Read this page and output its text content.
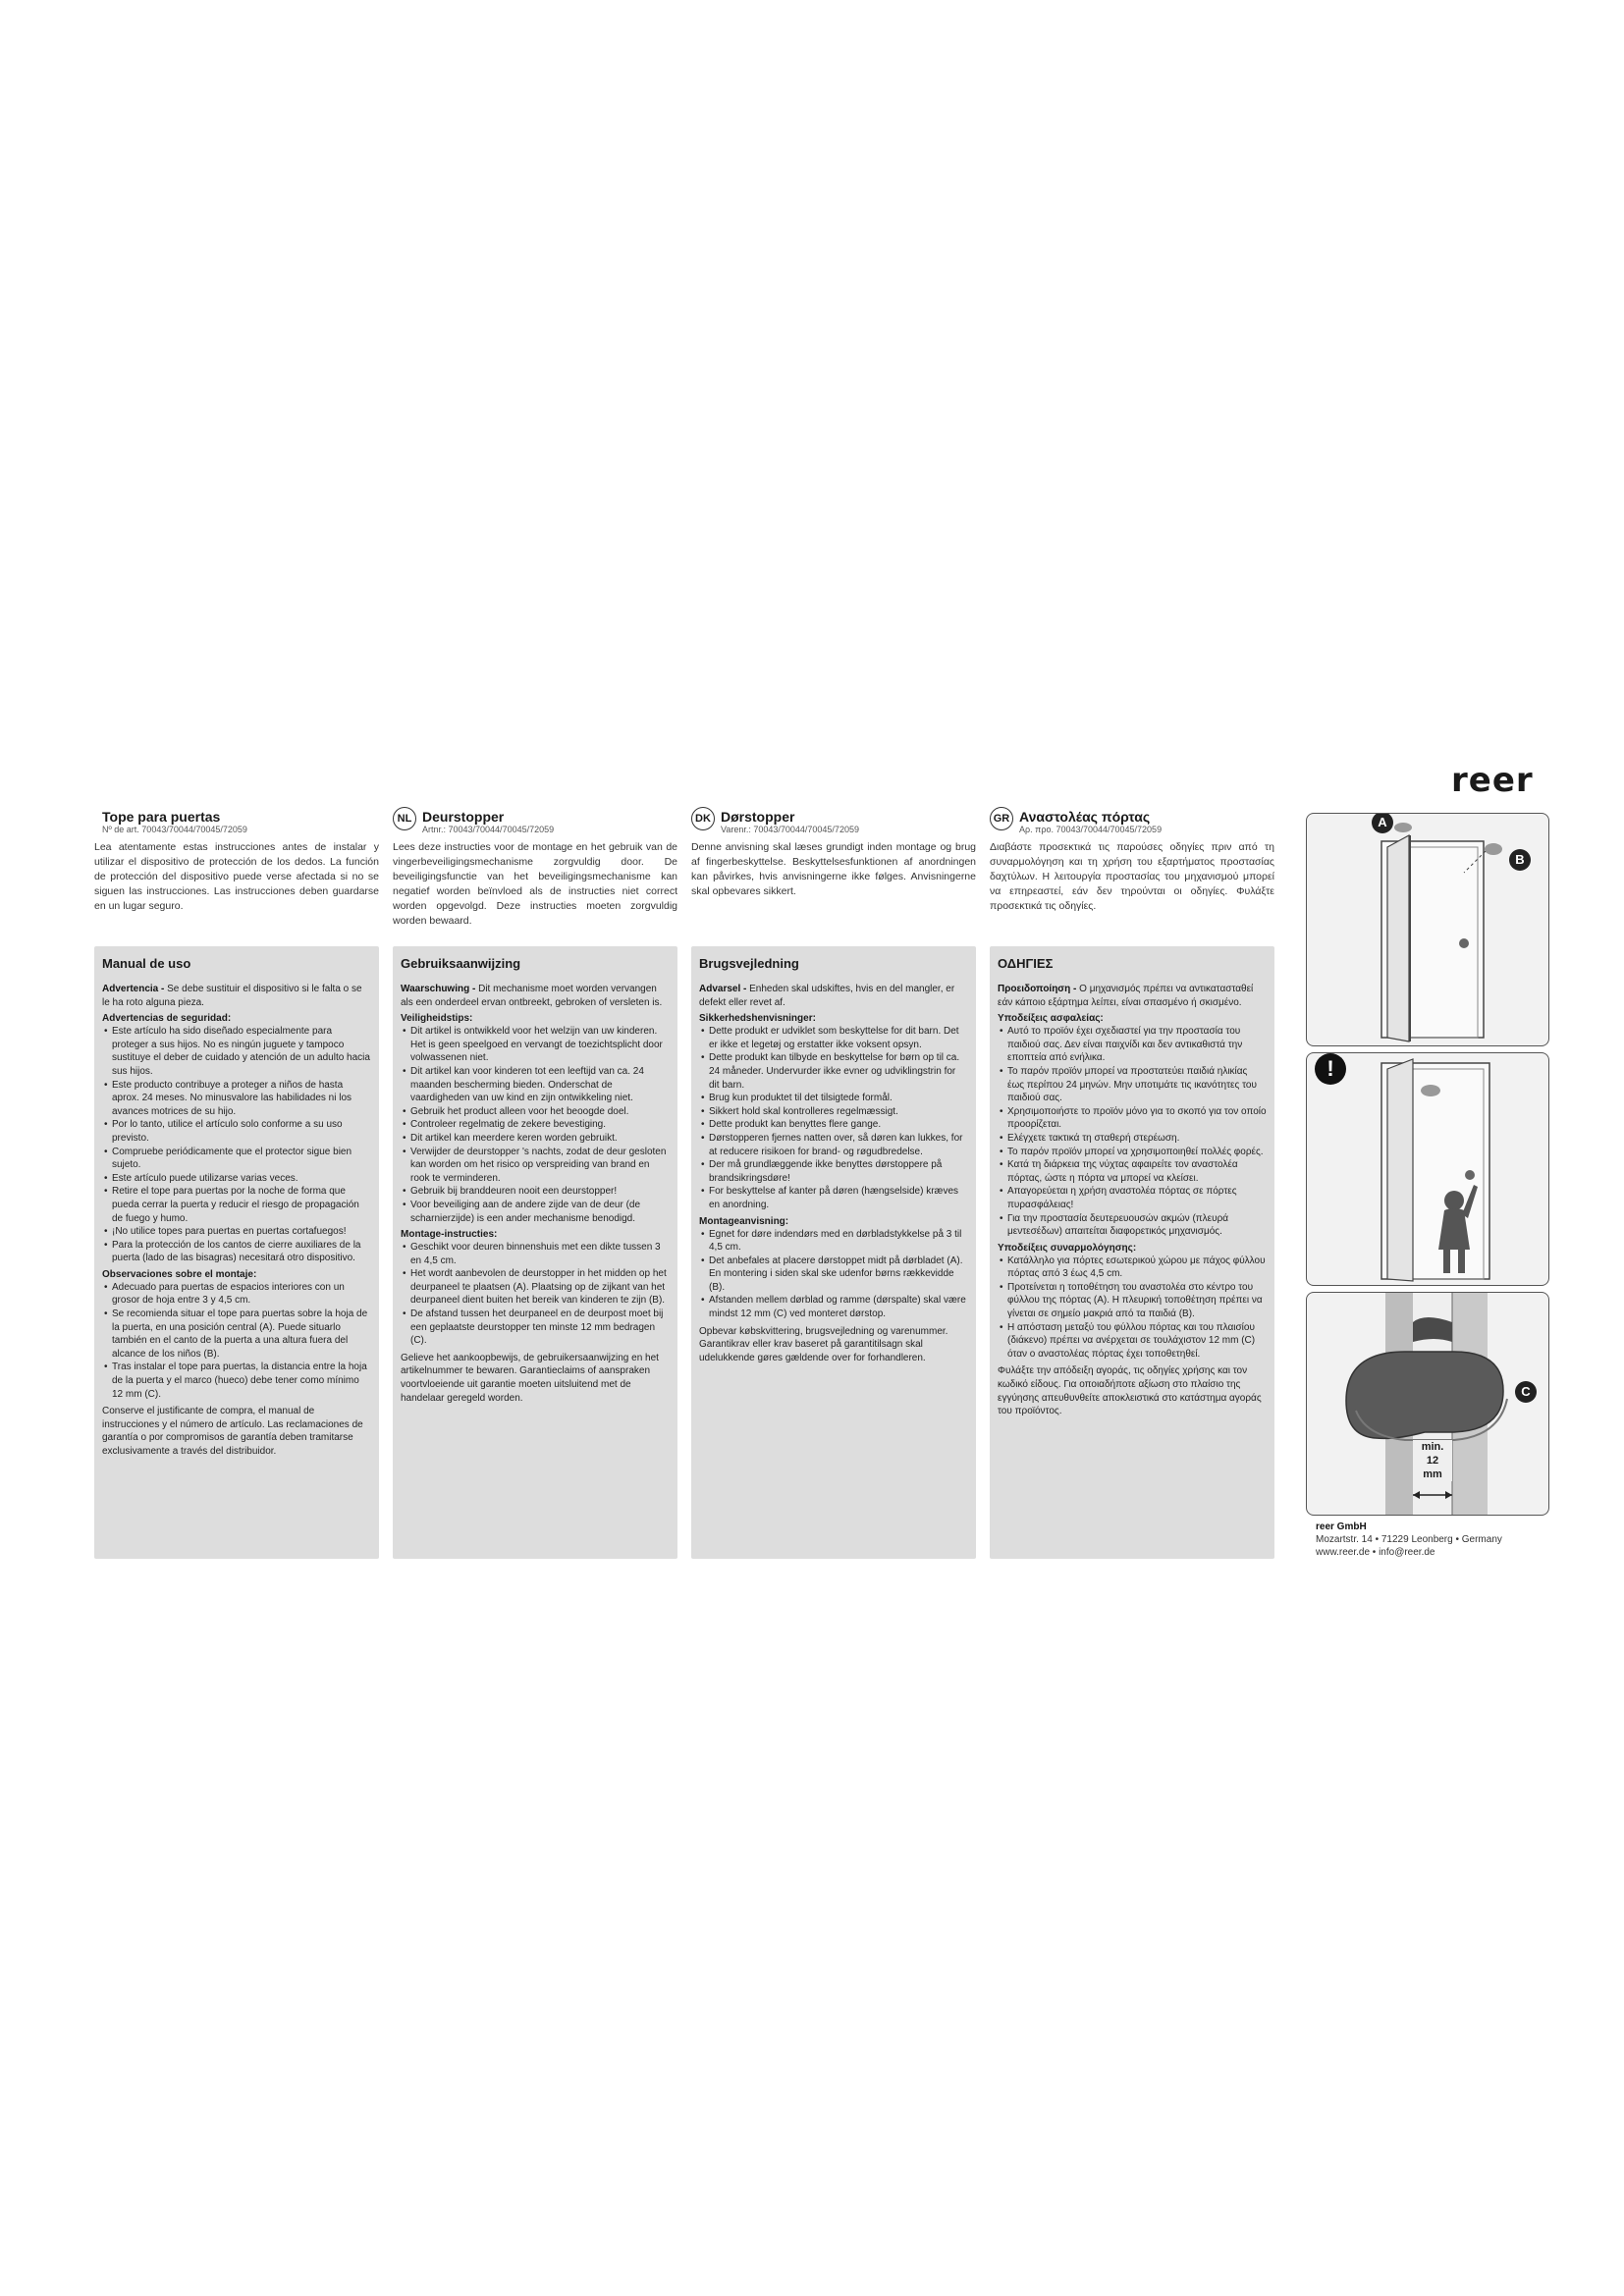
reer
Tope para puertas
Nº de art. 70043/70044/70045/72059
Lea atentamente estas instrucciones antes de instalar y utilizar el dispositivo de protección de los dedos. La función de protección del dispositivo puede verse afectada si no se siguen las instrucciones. Las instrucciones deben guardarse en un lugar seguro.
NL Deurstopper
Artnr.: 70043/70044/70045/72059
Lees deze instructies voor de montage en het gebruik van de vingerbeveiligingsmechanisme zorgvuldig door. De beveiligingsfunctie van het beveiligingsmechanisme kan negatief worden beïnvloed als de instructies niet correct worden opgevolgd. Deze instructies moeten zorgvuldig worden bewaard.
DK Dørstopper
Varenr.: 70043/70044/70045/72059
Denne anvisning skal læses grundigt inden montage og brug af fingerbeskyttelse. Beskyttelsesfunktionen af anordningen kan påvirkes, hvis anvisningerne ikke følges. Anvisningerne skal opbevares sikkert.
GR Αναστολέας πόρτας
Αρ. προ. 70043/70044/70045/72059
Διαβάστε προσεκτικά τις παρούσες οδηγίες πριν από τη συναρμολόγηση και τη χρήση του εξαρτήματος προστασίας δαχτύλων. Η λειτουργία προστασίας του μηχανισμού μπορεί να επηρεαστεί, εάν δεν τηρούνται οι οδηγίες. Φυλάξτε προσεκτικά τις οδηγίες.
Manual de uso
Advertencia - Se debe sustituir el dispositivo si le falta o se le ha roto alguna pieza.
Advertencias de seguridad:
• Este artículo ha sido diseñado especialmente para proteger a sus hijos. No es ningún juguete y tampoco sustituye el deber de cuidado y atención de un adulto hacia sus hijos.
• Este producto contribuye a proteger a niños de hasta aprox. 24 meses. No minusvalore las habilidades ni los avances motrices de su hijo.
• Por lo tanto, utilice el artículo solo conforme a su uso previsto.
• Compruebe periódicamente que el protector sigue bien sujeto.
• Este artículo puede utilizarse varias veces.
• Retire el tope para puertas por la noche de forma que pueda cerrar la puerta y reducir el riesgo de propagación de fuego y humo.
• ¡No utilice topes para puertas en puertas cortafuegos!
• Para la protección de los cantos de cierre auxiliares de la puerta (lado de las bisagras) necesitará otro dispositivo.
Observaciones sobre el montaje:
• Adecuado para puertas de espacios interiores con un grosor de hoja entre 3 y 4,5 cm.
• Se recomienda situar el tope para puertas sobre la hoja de la puerta, en una posición central (A). Puede situarlo también en el canto de la puerta a una altura fuera del alcance de los niños (B).
• Tras instalar el tope para puertas, la distancia entre la hoja de la puerta y el marco (hueco) debe tener como mínimo 12 mm (C).
Conserve el justificante de compra, el manual de instrucciones y el número de artículo. Las reclamaciones de garantía o por compromisos de garantía deben tramitarse exclusivamente a través del distribuidor.
Gebruiksaanwijzing
Waarschuwing - Dit mechanisme moet worden vervangen als een onderdeel ervan ontbreekt, gebroken of versleten is.
Veiligheidstips:
• Dit artikel is ontwikkeld voor het welzijn van uw kinderen. Het is geen speelgoed en vervangt de toezichtsplicht door volwassenen niet.
• Dit artikel kan voor kinderen tot een leeftijd van ca. 24 maanden bescherming bieden. Onderschat de vaardigheden van uw kind en zijn ontwikkeling niet.
• Gebruik het product alleen voor het beoogde doel.
• Controleer regelmatig de zekere bevestiging.
• Dit artikel kan meerdere keren worden gebruikt.
• Verwijder de deurstopper 's nachts, zodat de deur gesloten kan worden om het risico op verspreiding van brand en rook te verminderen.
• Gebruik bij branddeuren nooit een deurstopper!
• Voor beveiliging aan de andere zijde van de deur (de scharnierzijde) is een ander mechanisme benodigd.
Montage-instructies:
• Geschikt voor deuren binnenshuis met een dikte tussen 3 en 4,5 cm.
• Het wordt aanbevolen de deurstopper in het midden op het deurpaneel te plaatsen (A). Plaatsing op de zijkant van het deurpaneel dient buiten het bereik van kinderen te zijn (B).
• De afstand tussen het deurpaneel en de deurpost moet bij een geplaatste deurstopper ten minste 12 mm bedragen (C).
Gelieve het aankoopbewijs, de gebruikersaanwijzing en het artikelnummer te bewaren. Garantieclaims of aanspraken voortvloeiende uit garantie moeten uitsluitend met de handelaar geregeld worden.
Brugsvejledning
Advarsel - Enheden skal udskiftes, hvis en del mangler, er defekt eller revet af.
Sikkerhedshenvisninger:
• Dette produkt er udviklet som beskyttelse for dit barn. Det er ikke et legetøj og erstatter ikke voksent opsyn.
• Dette produkt kan tilbyde en beskyttelse for børn op til ca. 24 måneder. Undervurder ikke evner og udviklingstrin for dit barn.
• Brug kun produktet til det tilsigtede formål.
• Sikkert hold skal kontrolleres regelmæssigt.
• Dette produkt kan benyttes flere gange.
• Dørstopperen fjernes natten over, så døren kan lukkes, for at reducere risikoen for brand- og røgudbredelse.
• Der må grundlæggende ikke benyttes dørstoppere på brandsikringsdøre!
• For beskyttelse af kanter på døren (hængselside) kræves en anordning.
Montageanvisning:
• Egnet for døre indendørs med en dørbladstykkelse på 3 til 4,5 cm.
• Det anbefales at placere dørstoppet midt på dørbladet (A). En montering i siden skal ske udenfor børns rækkevidde (B).
• Afstanden mellem dørblad og ramme (dørspalte) skal være mindst 12 mm (C) ved monteret dørstop.
Opbevar købskvittering, brugsvejledning og varenummer. Garantikrav eller krav baseret på garantitilsagn skal udelukkende gøres gældende over for forhandleren.
ΟΔΗΓΙΕΣ
Προειδοποίηση - Ο μηχανισμός πρέπει να αντικατασταθεί εάν κάποιο εξάρτημα λείπει, είναι σπασμένο ή σκισμένο.
Υποδείξεις ασφαλείας:
• Αυτό το προϊόν έχει σχεδιαστεί για την προστασία του παιδιού σας. Δεν είναι παιχνίδι και δεν αντικαθιστά την εποπτεία από ενήλικα.
• Το παρόν προϊόν μπορεί να προστατεύει παιδιά ηλικίας έως περίπου 24 μηνών. Μην υποτιμάτε τις ικανότητες του παιδιού σας.
• Χρησιμοποιήστε το προϊόν μόνο για το σκοπό για τον οποίο προορίζεται.
• Ελέγχετε τακτικά τη σταθερή στερέωση.
• Το παρόν προϊόν μπορεί να χρησιμοποιηθεί πολλές φορές.
• Κατά τη διάρκεια της νύχτας αφαιρείτε τον αναστολέα πόρτας, ώστε η πόρτα να μπορεί να κλείσει.
• Απαγορεύεται η χρήση αναστολέα πόρτας σε πόρτες πυρασφάλειας!
• Για την προστασία δευτερευουσών ακμών (πλευρά μεντεσέδων) απαιτείται διαφορετικός μηχανισμός.
Υποδείξεις συναρμολόγησης:
• Κατάλληλο για πόρτες εσωτερικού χώρου με πάχος φύλλου πόρτας από 3 έως 4,5 cm.
• Προτείνεται η τοποθέτηση του αναστολέα στο κέντρο του φύλλου της πόρτας (A). Η πλευρική τοποθέτηση πρέπει να γίνεται σε σημείο μακριά από τα παιδιά (B).
• Η απόσταση μεταξύ του φύλλου πόρτας και του πλαισίου (διάκενο) πρέπει να ανέρχεται σε τουλάχιστον 12 mm (C) όταν ο αναστολέας πόρτας έχει τοποθετηθεί.
Φυλάξτε την απόδειξη αγοράς, τις οδηγίες χρήσης και τον κωδικό είδους. Για οποιαδήποτε αξίωση στο πλαίσιο της εγγύησης απευθυνθείτε αποκλειστικά στο κατάστημα αγοράς του προϊόντος.
A
B
!
C
min.
12
mm
reer GmbH
Mozartstr. 14 • 71229 Leonberg • Germany
www.reer.de • info@reer.de
